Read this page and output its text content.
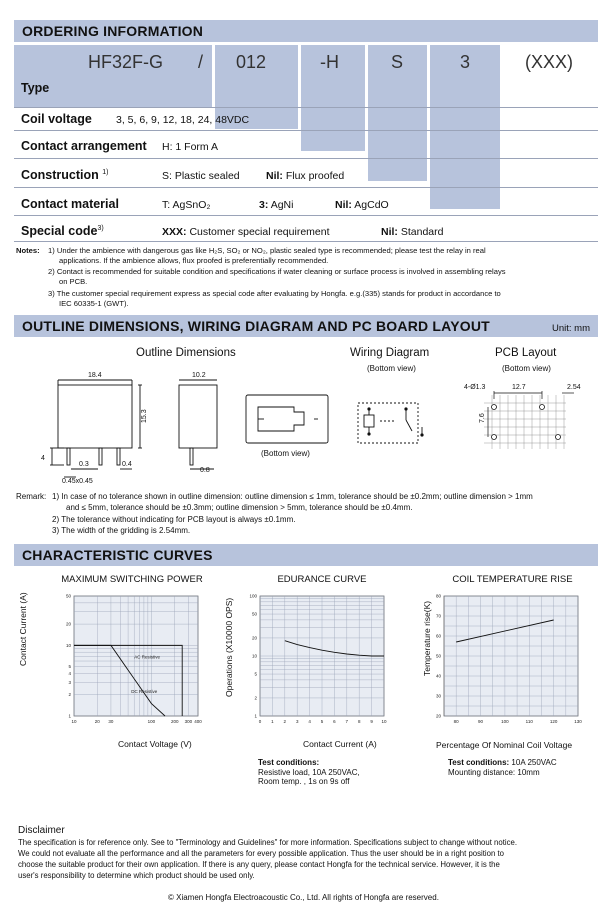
ORDERING INFORMATION
HF32F-G / 012	-H	S	3	(XXX)
Type
Coil voltage 3, 5, 6, 9, 12, 18, 24, 48VDC
Contact arrangement H: 1 Form A
Construction $^{1)}$	S: Plastic sealed	Nil: Flux proofed
Contact material	T: AgSnO₂	3: AgNi	Nil: AgCdO
Special code$^{3)}$	XXX: Customer special requirement	Nil: Standard
Notes: 1) Under the ambience with dangerous gas like H₂S, SO₂ or NO₂, plastic sealed type is recommended; please test the relay in real
applications. If the ambience allows, flux proofed is preferentially recommended.
2) Contact is recommended for suitable condition and specifications if water cleaning or surface process is involved in assembling relays
on PCB.
3) The customer special requirement express as special code after evaluating by Hongfa. e.g.(335) stands for product in accordance to
IEC 60335-1 (GWT).
OUTLINE DIMENSIONS, WIRING DIAGRAM AND PC BOARD LAYOUT	Unit: mm
Outline Dimensions	Wiring Diagram
(Bottom view)
PCB Layout
(Bottom view)
(Bottom view)
18.4
15.3
4
0.3	0.4
0.45x0.45
10.2
0.8
4-Ø1.3	12.7	2.54
7.6
Remark: 1) In case of no tolerance shown in outline dimension: outline dimension ≤ 1mm, tolerance should be ±0.2mm; outline dimension > 1mm
and ≤ 5mm, tolerance should be ±0.3mm; outline dimension > 5mm, tolerance should be ±0.4mm.
2) The tolerance without indicating for PCB layout is always ±0.1mm.
3) The width of the gridding is 2.54mm.
CHARACTERISTIC CURVES
MAXIMUM SWITCHING POWER	EDURANCE CURVE	COIL TEMPERATURE RISE
Contact Current (A)	Operations (X10000 OPS)	Temperature rise(K)
Contact Voltage (V)	Contact Current (A)	Percentage Of Nominal Coil Voltage
10	20 30	100	200 300 400
50
20
10
5
4
3
2
1
AC Resistive
DC Resistive
0 1 2 3 4 5 6 7 8 9 10
100
50
20
10
5
2
1
80	90	100	110	120	130
80
70
60
50
40
30
20
Test conditions:
Resistive load, 10A 250VAC,
Room temp. , 1s on 9s off
Test conditions: 10A 250VAC
Mounting distance: 10mm
Disclaimer
The specification is for reference only. See to "Terminology and Guidelines" for more information. Specifications subject to change without notice.
We could not evaluate all the performance and all the parameters for every possible application. Thus the user should be in a right position to
choose the suitable product for their own application. If there is any query, please contact Hongfa for the technical service. However, it is the
user's responsibility to determine which product should be used only.
© Xiamen Hongfa Electroacoustic Co., Ltd. All rights of Hongfa are reserved.
